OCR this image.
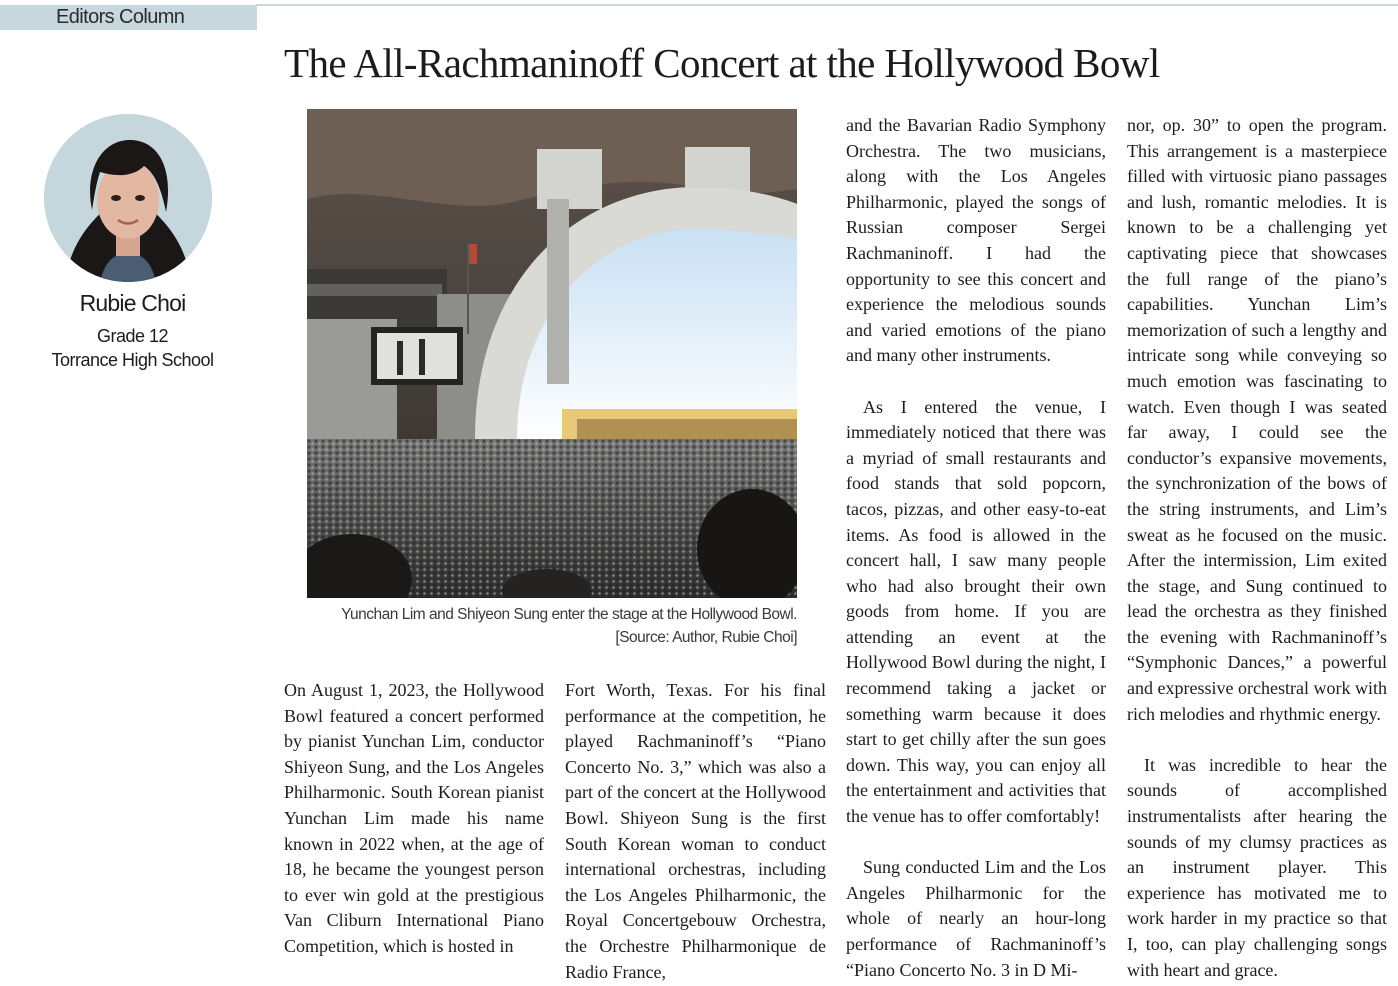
Editors Column
The All-Rachmaninoff Concert at the Hollywood Bowl
Rubie Choi
Grade 12
Torrance High School
Yunchan Lim and Shiyeon Sung enter the stage at the Hollywood Bowl.
[Source: Author, Rubie Choi]

On August 1, 2023, the Hollywood Bowl featured a concert performed by pianist Yunchan Lim, conductor Shiyeon Sung, and the Los Angeles Philharmonic. South Korean pianist Yunchan Lim made his name known in 2022 when, at the age of 18, he became the youngest person to ever win gold at the prestigious Van Cliburn International Piano Competition, which is hosted in

Fort Worth, Texas. For his final performance at the competition, he played Rachmaninoff’s “Piano Concerto No. 3,” which was also a part of the concert at the Hollywood Bowl. Shiyeon Sung is the first South Korean woman to conduct international orchestras, including the Los Angeles Philharmonic, the Royal Concertgebouw Orchestra, the Orchestre Philharmonique de Radio France,

and the Bavarian Radio Symphony Orchestra. The two musicians, along with the Los Angeles Philharmonic, played the songs of Russian composer Sergei Rachmaninoff. I had the opportunity to see this concert and experience the melodious sounds and varied emotions of the piano and many other instruments.

As I entered the venue, I immediately noticed that there was a myriad of small restaurants and food stands that sold popcorn, tacos, pizzas, and other easy-to-eat items. As food is allowed in the concert hall, I saw many people who had also brought their own goods from home. If you are attending an event at the Hollywood Bowl during the night, I recommend taking a jacket or something warm because it does start to get chilly after the sun goes down. This way, you can enjoy all the entertainment and activities that the venue has to offer comfortably!

Sung conducted Lim and the Los Angeles Philharmonic for the whole of nearly an hour-long performance of Rachmaninoff’s “Piano Concerto No. 3 in D Mi-

nor, op. 30” to open the program. This arrangement is a masterpiece filled with virtuosic piano passages and lush, romantic melodies. It is known to be a challenging yet captivating piece that showcases the full range of the piano’s capabilities. Yunchan Lim’s memorization of such a lengthy and intricate song while conveying so much emotion was fascinating to watch. Even though I was seated far away, I could see the conductor’s expansive movements, the synchronization of the bows of the string instruments, and Lim’s sweat as he focused on the music. After the intermission, Lim exited the stage, and Sung continued to lead the orchestra as they finished the evening with Rachmaninoff’s “Symphonic Dances,” a powerful and expressive orchestral work with rich melodies and rhythmic energy.

It was incredible to hear the sounds of accomplished instrumentalists after hearing the sounds of my clumsy practices as an instrument player. This experience has motivated me to work harder in my practice so that I, too, can play challenging songs with heart and grace.
